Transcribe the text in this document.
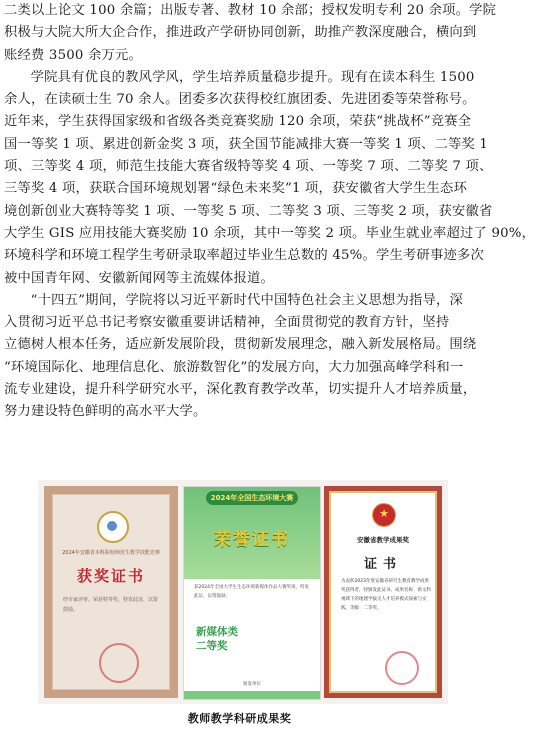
二类以上论文 100 余篇；出版专著、教材 10 余部；授权发明专利 20 余项。学院
积极与大院大所大企合作，推进政产学研协同创新，助推产教深度融合，横向到
账经费 3500 余万元。
学院具有优良的教风学风，学生培养质量稳步提升。现有在读本科生 1500
余人，在读硕士生 70 余人。团委多次获得校红旗团委、先进团委等荣誉称号。
近年来，学生获得国家级和省级各类竞赛奖励 120 余项，荣获“挑战杯”竞赛全
国一等奖 1 项、累进创新金奖 3 项，获全国节能减排大赛一等奖 1 项、二等奖 1
项、三等奖 4 项，师范生技能大赛省级特等奖 4 项、一等奖 7 项、二等奖 7 项、
三等奖 4 项，获联合国环境规划署“绿色未来奖”1 项，获安徽省大学生生态环
境创新创业大赛特等奖 1 项、一等奖 5 项、二等奖 3 项、三等奖 2 项，获安徽省
大学生 GIS 应用技能大赛奖励 10 余项，其中一等奖 2 项。毕业生就业率超过了 90%，
环境科学和环境工程学生考研录取率超过毕业生总数的 45%。学生考研事迹多次
被中国青年网、安徽新闻网等主流媒体报道。
“十四五”期间，学院将以习近平新时代中国特色社会主义思想为指导，深
入贯彻习近平总书记考察安徽重要讲话精神，全面贯彻党的教育方针，坚持
立德树人根本任务，适应新发展阶段，贯彻新发展理念，融入新发展格局。围绕
“环境国际化、地理信息化、旅游数智化”的发展方向，大力加强高峰学科和一
流专业建设，提升科学研究水平，深化教育教学改革，切实提升人才培养质量，
努力建设特色鲜明的高水平大学。
2024年安徽省本科院校师范生教学技能竞赛
获奖证书
经专家评审，荣获特等奖，特发此证，以资鼓励。
2024年全国生态环境大赛
荣誉证书
获2024年全国大学生生态环境新媒体作品大赛奖项，特发此证，以资鼓励。
新媒体类
二等奖
颁发单位
★
安徽省教学成果奖
证书
为表彰2023年度安徽省研究生教育教学成果奖获得者，特颁发此证书。成果名称：新文科视域下的地理学拔尖人才培养模式探索与实践。等级：二等奖。
教师教学科研成果奖
